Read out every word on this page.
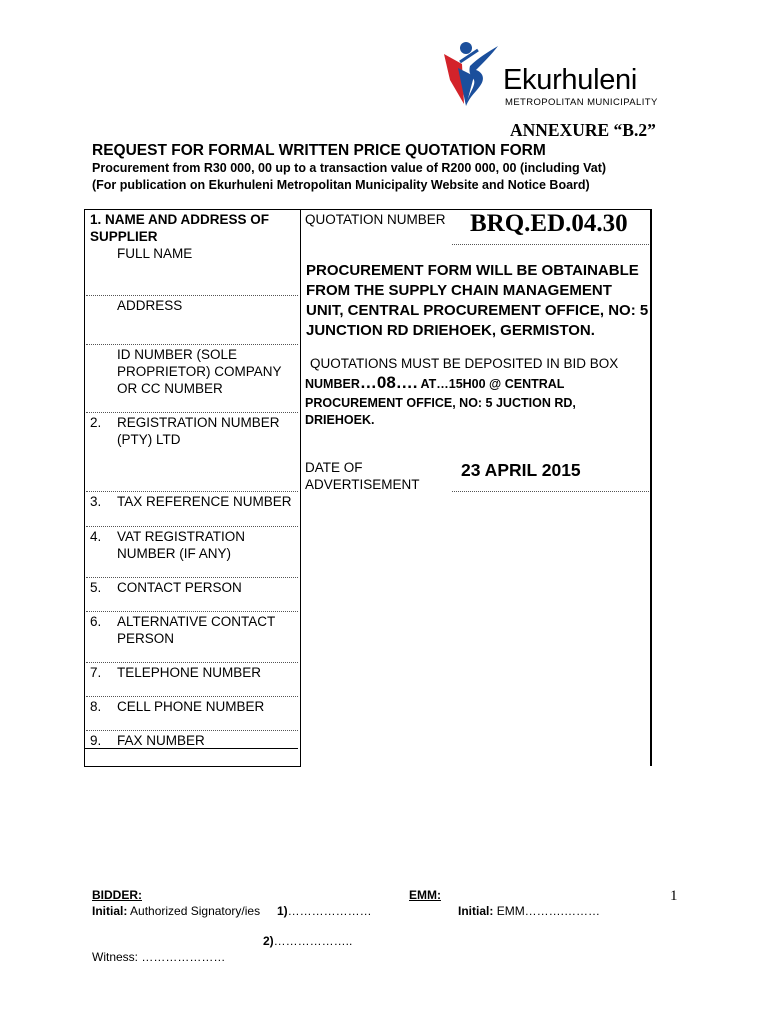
Ekurhuleni
METROPOLITAN MUNICIPALITY
ANNEXURE “B.2”
REQUEST FOR FORMAL WRITTEN PRICE QUOTATION FORM
Procurement from R30 000, 00 up to a transaction value of R200 000, 00 (including Vat)
(For publication on Ekurhuleni Metropolitan Municipality Website and Notice Board)
1. NAME AND ADDRESS OF SUPPLIER
FULL NAME
ADDRESS
ID NUMBER (SOLE PROPRIETOR) COMPANY OR CC NUMBER
2. REGISTRATION NUMBER (PTY) LTD
3. TAX REFERENCE NUMBER
4. VAT REGISTRATION NUMBER (IF ANY)
5. CONTACT PERSON
6. ALTERNATIVE CONTACT PERSON
7. TELEPHONE NUMBER
8. CELL PHONE NUMBER
9. FAX NUMBER
QUOTATION NUMBER BRQ.ED.04.30
PROCUREMENT FORM WILL BE OBTAINABLE FROM THE SUPPLY CHAIN MANAGEMENT UNIT, CENTRAL PROCUREMENT OFFICE, NO: 5 JUNCTION RD DRIEHOEK, GERMISTON.
QUOTATIONS MUST BE DEPOSITED IN BID BOX
NUMBER…08…. AT…15H00 @ CENTRAL
PROCUREMENT OFFICE, NO: 5 JUCTION RD, DRIEHOEK.
DATE OF ADVERTISEMENT
23 APRIL 2015
BIDDER:
Initial: Authorized Signatory/ies 1)…………………
EMM:
Initial: EMM……….………
2)………………..
Witness: …………………
1
